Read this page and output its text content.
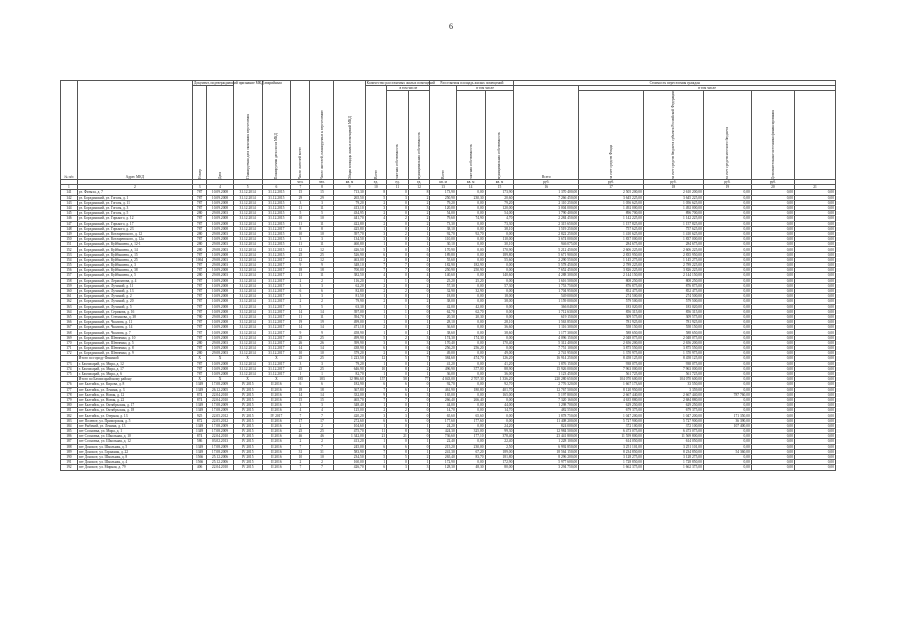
6
№ п/п	Адрес МКД	Документ, подтверждающий признание МКД аварийным		Планируемая дата окончания переселения	Планируемая дата сноса МКД	Число жителей всего	Число жителей, планируемых к переселению	Общая площадь жилых помещений МКД	Количество расселяемых жилых помещений			Расселяемая площадь жилых помещений			Стоимость переселения граждан					

		Номер	Дата						Всего	в том числе		Всего	в том числе		Всего	в том числе				

										частная собственность	муниципальная собственность		частная собственность	муниципальная собственность		за счет средств Фонда	за счет средств бюджета субъекта Российской Федерации	за счет средств местного бюджета	Дополнительные источники финансирования	

						чел.	чел.	кв. м	ед.	ед.	ед.	кв. м	кв. м	кв. м	руб.	руб.	руб.	руб.	руб.	
1	2	3	4	5	6	7	8	9	10	11	12	13	14	15	16	17	18	19	20	21
141	ул. Фатыха, д. 7	787	10.09.2008	31.12.2014	31.12.2015	15	15	713,30	8	0	8	173,90	0,00	173,90	1 370 400,00	2 505 200,00	2 610 200,00	0,00	0,00	0,00
142	ул. Борздинский, ул. Гоголя, д. 1	787	10.09.2008	31.12.2014	31.12.2015	29	29	265,50	5	3	2	250,90	230,30	20,60	7 266 450,00	3 645 225,00	3 645 225,00	0,00	0,00	0,00
143	ул. Борздинский, ул. Гоголя, д. 11	787	10.09.2008	31.12.2014	31.12.2015	3	3	79,20	2	0	2	79,20	0,00	79,20	2 110 250,00	1 056 625,00	1 056 625,00	0,00	0,00	0,00
144	ул. Борздинский, ул. Гоголя, д. 3	787	10.09.2008	31.12.2014	31.12.2015	11	11	413,10	3	0	3	120,00	0,00	120,00	3 004 000,00	1 492 000,00	1 492 000,00	0,00	0,00	0,00
145	ул. Борздинский, ул. Гоголя, д. 5	280	29.08.2003	31.12.2014	31.12.2015	5	5	434,95	2	0	2	54,00	0,00	54,00	1 790 400,00	896 700,00	896 700,00	0,00	0,00	0,00
146	ул. Борздинский, ул. Горького, д. 12	787	10.09.2008	31.12.2014	31.12.2015	10	10	441,70	4	2	2	79,60	74,90	4,70	2 284 450,00	1 142 225,00	1 142 225,00	0,00	0,00	0,00
147	ул. Борздинский, ул. Горького, д. 17	787	10.09.2008	31.12.2014	31.12.2015	11	11	422,80	2	0	2	73,30	0,00	73,30	2 315 650,00	1 157 825,00	1 157 825,00	0,00	0,00	0,00
148	ул. Борздинский, ул. Горького, д. 23	787	10.09.2008	31.12.2014	31.12.2017	8	8	425,80	1	0	1	38,10	0,00	38,10	1 519 250,00	757 625,00	757 625,00	0,00	0,00	0,00
149	ул. Борздинский, ул. Котляревского, д. 12	280	29.08.2003	31.12.2014	31.12.2015	10	10	397,70	3	2	1	92,70	92,70	0,00	2 822 250,00	1 410 625,00	1 410 625,00	0,00	0,00	0,00
150	ул. Борздинский, ул. Котляревского, д. 12а	787	10.09.2008	31.12.2014	31.12.2015	3	3	134,50	3	0	3	110,00	0,00	110,00	3 674 000,00	1 837 000,00	1 837 000,00	0,00	0,00	0,00
151	ул. Борздинский, ул. Куйбышева, д. 12-1	280	29.08.2003	31.12.2014	31.12.2015	11	11	460,80	1	0	1	30,10	0,00	30,10	946 075,00	284 675,00	284 675,00	0,00	0,00	0,00
152	ул. Борздинский, ул. Куйбышева, д. 14	280	29.08.2003	31.12.2014	31.12.2015	12	12	426,50	5	0	5	170,90	0,00	170,90	5 212 450,00	2 606 225,00	2 606 225,00	0,00	0,00	0,00
153	ул. Борздинский, ул. Куйбышева, д. 15	787	10.09.2008	31.12.2014	31.12.2015	25	25	526,90	6	0	6	189,80	0,00	189,80	5 671 900,00	2 835 950,00	2 835 950,00	0,00	0,00	0,00
154	ул. Борздинский, ул. Куйбышева, д. 25	1064	29.08.2003	31.12.2014	31.12.2017	12	12	463,00	2	0	2	55,60	0,00	55,60	2 290 550,00	1 145 275,00	1 145 275,00	0,00	0,00	0,00
155	ул. Борздинский, ул. Куйбышева, д. 3	787	29.08.2003	31.12.2014	31.12.2017	9	9	348,10	7	7	0	182,90	182,90	0,00	5 578 450,00	2 789 225,00	2 789 225,00	0,00	0,00	0,00
156	ул. Борздинский, ул. Куйбышева, д. 38	787	10.09.2008	31.12.2014	31.12.2017	18	18	700,00	7	7	0	250,90	250,90	0,00	7 652 450,00	3 826 225,00	3 826 225,00	0,00	0,00	0,00
157	ул. Борздинский, ул. Куйбышева, д. 5	280	29.08.2003	31.12.2014	31.12.2017	11	11	382,50	4	0	4	140,60	0,00	140,60	4 288 300,00	2 144 150,00	2 144 150,00	0,00	0,00	0,00
158	ул. Борздинский, ул. Лермонтова, д. 4	787	10.09.2008	31.12.2014	31.12.2017	2	2	116,20	1	1	0	25,20	25,20	0,00	1 616 500,00	808 250,00	808 250,00	0,00	0,00	0,00
159	ул. Борздинский, ул. Лучиной, д. 11	787	10.09.2008	31.12.2014	31.12.2017	3	3	62,20	2	0	2	57,30	0,00	57,30	1 753 750,00	876 875,00	876 875,00	0,00	0,00	0,00
160	ул. Борздинский, ул. Лучиной, д. 13	787	10.09.2008	31.12.2014	31.12.2017	6	6	82,80	2	2	0	32,90	32,90	0,00	1 704 950,00	852 475,00	852 475,00	0,00	0,00	0,00
161	ул. Борздинский, ул. Лучиной, д. 2	787	10.09.2008	31.12.2014	31.12.2017	3	3	81,50	1	0	1	18,00	0,00	18,00	549 000,00	274 500,00	274 500,00	0,00	0,00	0,00
162	ул. Борздинский, ул. Лучиной, д. 20	787	10.09.2008	31.12.2014	31.12.2017	2	2	79,90	2	0	2	38,00	0,00	38,00	1 159 000,00	579 500,00	579 500,00	0,00	0,00	0,00
163	ул. Борздинский, ул. Лучиной, д. 5	787	10.09.2008	31.12.2014	31.12.2017	5	5	63,30	1	1	0	42,00	42,00	0,00	366 040,00	183 020,00	183 020,00	0,00	0,00	0,00
164	ул. Борздинский, ул. Серикова, д. 16	787	10.09.2008	31.12.2014	31.12.2017	14	14	397,00	1	1	0	62,70	62,70	0,00	1 712 630,00	856 315,00	856 315,00	0,00	0,00	0,00
165	ул. Борздинский, ул. Степанова, д. 38	780	29.08.2003	31.12.2014	31.12.2017	11	11	394,70	1	1	0	20,30	20,30	0,00	619 150,00	309 575,00	309 575,00	0,00	0,00	0,00
166	ул. Борздинский, ул. Чкалова, д. 11	787	10.09.2008	31.12.2014	31.12.2017	19	19	499,00	1	0	1	28,10	0,00	28,10	1 563 850,00	781 925,00	781 925,00	0,00	0,00	0,00
167	ул. Борздинский, ул. Чкалова, д. 14	787	10.09.2008	31.12.2014	31.12.2017	14	14	471,10	2	0	2	36,60	0,00	36,60	1 116 300,00	558 150,00	558 150,00	0,00	0,00	0,00
168	ул. Борздинский, ул. Чкалова, д. 7	787	10.09.2008	31.12.2014	31.12.2017	9	9	458,90	1	0	1	38,60	0,00	38,60	1 177 300,00	588 650,00	588 650,00	0,00	0,00	0,00
169	ул. Борздинский, ул. Шевченко, д. 10	787	10.09.2008	31.12.2014	31.12.2017	25	25	499,90	5	2	3	174,30	174,30	0,00	4 096 150,00	2 048 075,00	2 048 075,00	0,00	0,00	0,00
170	ул. Борздинский, ул. Шевченко, д. 5	280	29.08.2003	31.12.2014	31.12.2017	26	26	399,90	3	0	3	170,40	0,00	170,40	5 312 400,00	2 656 200,00	2 656 200,00	0,00	0,00	0,00
171	ул. Борздинский, ул. Шевченко, д. 8	787	10.09.2008	31.12.2014	31.12.2017	14	14	438,90	6	0	6	256,20	256,20	0,00	7 751 100,00	3 875 550,00	3 875 550,00	0,00	0,00	0,00
172	ул. Борздинский, ул. Шевченко, д. 9	280	29.08.2003	31.12.2014	31.12.2017	10	10	379,20	2	0	2	49,00	0,00	49,00	2 741 950,00	1 370 975,00	1 370 975,00	0,00	0,00	0,00
	Итого по городу Фаниной	X	X	X	X	25	25	1 223,50	12	5	7	384,60	474,70	126,20	16 914 250,00	8 458 125,00	8 458 125,00	0,00	0,00	0,00
173	г. Бахчисарай, ул. Мира, д. 12	787	10.09.2008	31.12.2014	31.12.2017	3	3	79,20	1	0	1	41,20	0,00	41,20	1 876 150,00	938 075,00	938 075,00	0,00	0,00	0,00
174	г. Бахчисарай, ул. Мира, д. 17	787	10.09.2008	31.12.2014	31.12.2017	25	25	646,90	10	8	2	496,90	377,00	88,90	15 926 000,00	7 963 000,00	7 963 000,00	0,00	0,00	0,00
175	г. Бахчисарай, ул. Мира, д. 6	787	10.09.2008	31.12.2014	31.12.2017	1	1	82,70	1	0	1	36,00	0,00	36,00	1 123 450,00	561 725,00	561 725,00	0,00	0,00	0,00
	Итого по Бахчисарайскому району	X	X	X	X	185	183	12 986,60	157	58	77	4 043,00	2 707,30	1 336,20	220 280 650,00	104 070 600,00	104 070 600,00	0,00	0,00	0,00
176	пгт Балтийск, ул. Кирова, д. 8	1349	17.08.2009	IV 2015	II 2016	6	6	182,90	6	6	0	92,70	0,00	92,70	2 776 320,00	1 667 173,60	33 550,00	0,00	0,00	0,00
177	пгт Балтийск, ул. Ленина, д. 3	1349	26.12.2005	IV 2015	II 2016	18	18	367,80	7	6	1	461,90	180,80	401,70	12 767 500,00	8 120 950,00	3 359,00	0,00	0,00	0,00
178	пгт Балтийск, ул. Новая, д. 12	874	22.04.2010	IV 2015	II 2016	14	14	332,00	9	6	3	165,00	0,00	165,00	5 197 800,00	2 667 440,00	2 667 440,00	787 760,00	0,00	0,00
179	пгт Балтийск, ул. Новая, д. 22	874	22.04.2010	IV 2015	II 2016	15	15	465,70	7	7	0	266,40	266,40	0,00	7 320 160,00	4 635 880,00	2 684 880,00	0,00	0,00	0,00
180	пгт Балтийск, ул. Октябрьская, д. 17	1349	17.08.2009	IV 2015	II 2016	3	3	348,40	1	0	1	44,00	0,00	44,00	1 298 700,00	629 250,00	629 250,00	0,00	0,00	0,00
181	пгт Балтийск, ул. Октябрьская, д. 18	1349	17.08.2009	IV 2015	II 2016	4	4	125,00	2	2	0	14,70	0,00	14,70	482 550,00	679 375,00	679 375,00	0,00	0,00	0,00
182	пгт Балтийск, ул. Озерная, д. 13	925	22.05.2012	IV 2015	IV 2017	7	7	420,20	3	3	0	65,60	65,60	0,00	1 878 750,00	1 047 200,00	1 047 200,00	171 350,00	0,00	0,00
183	пгт Полевое, ул. Приморская, д. 5	872	22.05.2012	IV 2015	II 2016	17	17	272,60	6	6	0	177,60	177,60	0,00	11 408 200,00	5 727 900,00	5 727 900,00	36 390,00	0,00	0,00
184	пгт Рыбачий, ул. Ленина, д. 13	1349	17.08.2009	IV 2015	II 2016	2	2	104,60	1	0	1	24,20	0,00	24,20	824 000,00	372 100,00	372 100,00	107 400,00	0,00	0,00
185	пгт Сосновка, ул. Мира, д. 1	1349	17.08.2009	IV 2015	II 2016	25	25	475,70	11	8	3	424,30	325,00	99,30	12 984 500,00	6 473 075,00	6 473 075,00	0,00	0,00	0,00
186	пгт Сосновка, ул. Школьная, д. 10	874	22.04.2010	IV 2015	II 2016	46	46	1 342,00	21	21	0	736,60	177,10	378,40	23 441 800,00	11 559 800,00	11 569 800,00	0,00	0,00	0,00
187	пгт Сосновка, ул. Школьная, д. 12	586	03.02.2013	IV 2015	II 2016	2	2	413,20	1	0	1	22,40	0,00	22,40	1 228 100,00	614 050,00	614 050,00	0,00	0,00	0,00
188	пгт Донское, ул. Школьная, д. 5	1349	17.08.2009	IV 2015	II 2016	7	7	245,00	6	6	0	215,20	230,00	2,50	6 992 850,00	3 251 101,00	3 251 101,00	0,00	0,00	0,00
189	пгт Донское, ул. Гаражная, д. 22	1349	17.08.2009	IV 2015	II 2016	31	31	583,90	7	8	1	241,30	67,20	189,00	18 564 150,00	8 234 850,00	8 234 850,00	54 360,00	0,00	0,00
190	пгт Донское, ул. Школьная, д. 8	1566	25.12.2006	IV 2015	II 2016	10	10	234,50	5	5	2	265,40	83,70	181,80	8 296 200,00	3 128 275,00	3 128 275,00	0,00	0,00	0,00
191	пгт Донское, ул. Школьная, д. 4	1566	25.12.2006	IV 2015	II 2016	2	2	160,00	1	0	1	172,90	0,00	172,90	5 977 600,00	1 728 850,00	1 728 850,00	0,00	0,00	0,00
192	пгт Донское, ул. Мирная, д. 79	406	22.04.2010	IV 2015	II 2016	7	7	426,70	6	3	3	128,30	48,30	80,00	3 294 750,00	1 662 375,00	1 662 375,00	0,00	0,00	0,00
